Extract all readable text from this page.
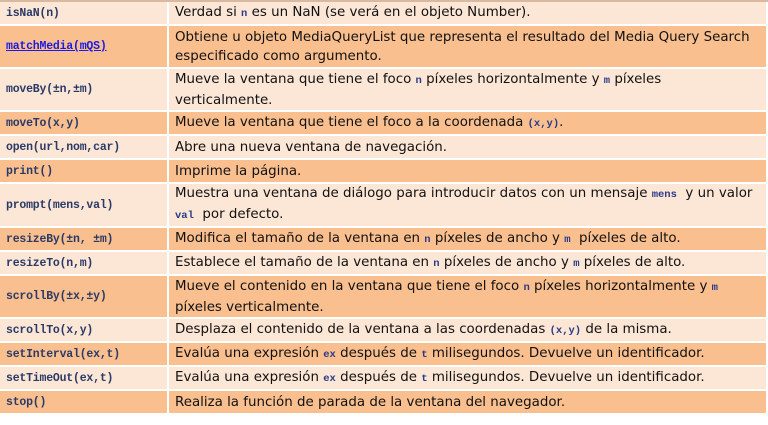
isNaN(n)	Verdad si n es un NaN (se verá en el objeto Number).
matchMedia(mQS)	Obtiene u objeto MediaQueryList que representa el resultado del Media Query Search especificado como argumento.
moveBy(±n,±m)	Mueve la ventana que tiene el foco n píxeles horizontalmente y m píxeles verticalmente.
moveTo(x,y)	Mueve la ventana que tiene el foco a la coordenada (x,y).
open(url,nom,car)	Abre una nueva ventana de navegación.
print()	Imprime la página.
prompt(mens,val)	Muestra una ventana de diálogo para introducir datos con un mensaje mens  y un valor val  por defecto.
resizeBy(±n, ±m)	Modifica el tamaño de la ventana en n píxeles de ancho y m  píxeles de alto.
resizeTo(n,m)	Establece el tamaño de la ventana en n píxeles de ancho y m píxeles de alto.
scrollBy(±x,±y)	Mueve el contenido en la ventana que tiene el foco n píxeles horizontalmente y m píxeles verticalmente.
scrollTo(x,y)	Desplaza el contenido de la ventana a las coordenadas (x,y) de la misma.
setInterval(ex,t)	Evalúa una expresión ex después de t milisegundos. Devuelve un identificador.
setTimeOut(ex,t)	Evalúa una expresión ex después de t milisegundos. Devuelve un identificador.
stop()	Realiza la función de parada de la ventana del navegador.
